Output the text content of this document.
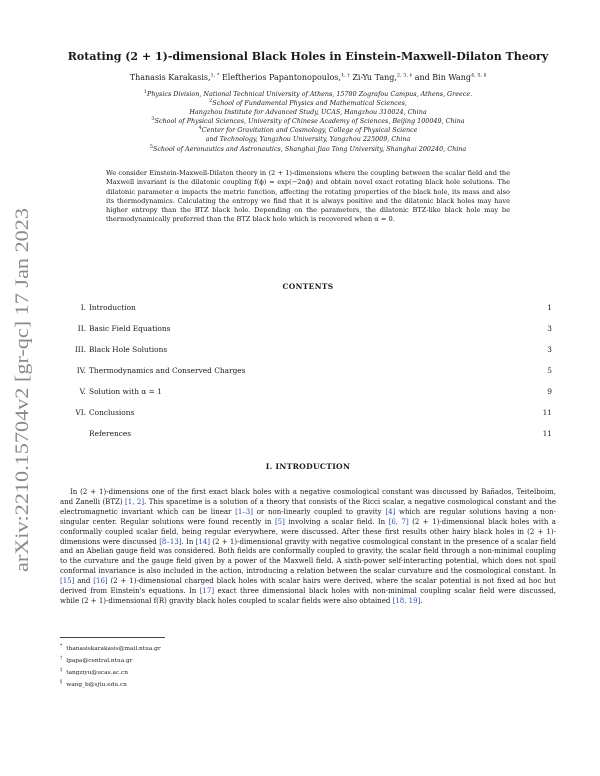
arXiv:2210.15704v2 [gr-qc] 17 Jan 2023
Rotating (2 + 1)-dimensional Black Holes in Einstein-Maxwell-Dilaton Theory
Thanasis Karakasis,$^{1, *}$ Eleftherios Papantonopoulos,$^{1, \dagger}$ Zi-Yu Tang,$^{2, 3, \ddagger}$ and Bin Wang$^{4, 5, \S}$
$^1$Physics Division, National Technical University of Athens, 15780 Zografou Campus, Athens, Greece.
$^2$School of Fundamental Physics and Mathematical Sciences,
Hangzhou Institute for Advanced Study, UCAS, Hangzhou 310024, China
$^3$School of Physical Sciences, University of Chinese Academy of Sciences, Beijing 100049, China
$^4$Center for Gravitation and Cosmology, College of Physical Science
and Technology, Yangzhou University, Yangzhou 225009, China
$^5$School of Aeronautics and Astronautics, Shanghai Jiao Tong University, Shanghai 200240, China
We consider Einstein-Maxwell-Dilaton theory in (2 + 1)-dimensions where the coupling between the scalar field and the Maxwell invariant is the dilatonic coupling f(ϕ) = exp(−2αϕ) and obtain novel exact rotating black hole solutions. The dilatonic parameter α impacts the metric function, affecting the rotating properties of the black hole, its mass and also its thermodynamics. Calculating the entropy we find that it is always positive and the dilatonic black holes may have higher entropy than the BTZ black hole. Depending on the parameters, the dilatonic BTZ-like black hole may be thermodynamically preferred than the BTZ black hole which is recovered when α = 0.
CONTENTS
I. Introduction	1
II. Basic Field Equations	3
III. Black Hole Solutions	3
IV. Thermodynamics and Conserved Charges	5
V. Solution with α = 1	9
VI. Conclusions	11
References	11
I. INTRODUCTION
In (2 + 1)-dimensions one of the first exact black holes with a negative cosmological constant was discussed by Bañados, Teitelboim, and Zanelli (BTZ) [1, 2]. This spacetime is a solution of a theory that consists of the Ricci scalar, a negative cosmological constant and the electromagnetic invariant which can be linear [1–3] or non-linearly coupled to gravity [4] which are regular solutions having a non-singular center. Regular solutions were found recently in [5] involving a scalar field. In [6, 7] (2 + 1)-dimensional black holes with a conformally coupled scalar field, being regular everywhere, were discussed. After these first results other hairy black holes in (2 + 1)-dimensions were discussed [8–13]. In [14] (2 + 1)-dimensional gravity with negative cosmological constant in the presence of a scalar field and an Abelian gauge field was considered. Both fields are conformally coupled to gravity, the scalar field through a non-minimal coupling to the curvature and the gauge field given by a power of the Maxwell field. A sixth-power self-interacting potential, which does not spoil conformal invariance is also included in the action, introducing a relation between the scalar curvature and the cosmological constant. In [15] and [16] (2 + 1)-dimensional charged black holes with scalar hairs were derived, where the scalar potential is not fixed ad hoc but derived from Einstein's equations. In [17] exact three dimensional black holes with non-minimal coupling scalar field were discussed, while (2 + 1)-dimensional f(R) gravity black holes coupled to scalar fields were also obtained [18, 19].
* thanasiskarakasis@mail.ntua.gr
† lpapa@central.ntua.gr
‡ tangziyu@ucas.ac.cn
§ wang_b@sjtu.edu.cn
